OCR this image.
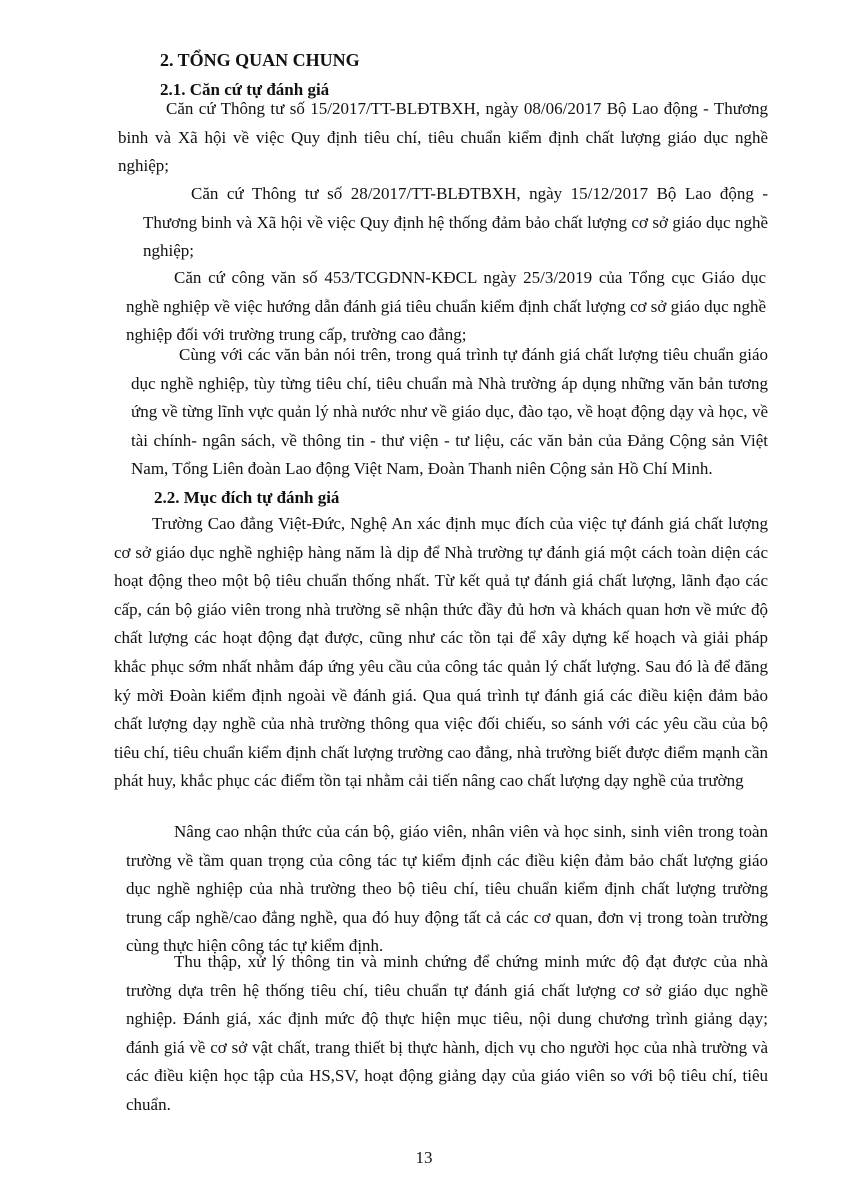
2. TỔNG QUAN CHUNG
2.1. Căn cứ tự đánh giá
Căn cứ Thông tư số 15/2017/TT-BLĐTBXH, ngày 08/06/2017 Bộ Lao động - Thương binh và Xã hội về việc Quy định tiêu chí, tiêu chuẩn kiểm định chất lượng giáo dục nghề nghiệp;
Căn cứ Thông tư số 28/2017/TT-BLĐTBXH, ngày 15/12/2017 Bộ Lao động - Thương binh và Xã hội về việc Quy định hệ thống đảm bảo chất lượng cơ sở giáo dục nghề nghiệp;
Căn cứ công văn số 453/TCGDNN-KĐCL ngày 25/3/2019 của Tổng cục Giáo dục nghề nghiệp về việc hướng dẫn đánh giá tiêu chuẩn kiểm định chất lượng cơ sở giáo dục nghề nghiệp đối với trường trung cấp, trường cao đẳng;
Cùng với các văn bản nói trên, trong quá trình tự đánh giá chất lượng tiêu chuẩn giáo dục nghề nghiệp, tùy từng tiêu chí, tiêu chuẩn mà Nhà trường áp dụng những văn bản tương ứng về từng lĩnh vực quản lý nhà nước như về giáo dục, đào tạo, về hoạt động dạy và học, về tài chính- ngân sách, về thông tin - thư viện - tư liệu, các văn bản của Đảng Cộng sản Việt Nam, Tổng Liên đoàn Lao động Việt Nam, Đoàn Thanh niên Cộng sản Hồ Chí Minh.
2.2. Mục đích tự đánh giá
Trường Cao đẳng Việt-Đức, Nghệ An xác định mục đích của việc tự đánh giá chất lượng cơ sở giáo dục nghề nghiệp hàng năm là dịp để Nhà trường tự đánh giá một cách toàn diện các hoạt động theo một bộ tiêu chuẩn thống nhất. Từ kết quả tự đánh giá chất lượng, lãnh đạo các cấp, cán bộ giáo viên trong nhà trường sẽ nhận thức đầy đủ hơn và khách quan hơn về mức độ chất lượng các hoạt động đạt được, cũng như các tồn tại để xây dựng kế hoạch và giải pháp khắc phục sớm nhất nhằm đáp ứng yêu cầu của công tác quản lý chất lượng. Sau đó là để đăng ký mời Đoàn kiểm định ngoài về đánh giá. Qua quá trình tự đánh giá các điều kiện đảm bảo chất lượng dạy nghề của nhà trường thông qua việc đối chiếu, so sánh với các yêu cầu của bộ tiêu chí, tiêu chuẩn kiểm định chất lượng trường cao đẳng, nhà trường biết được điểm mạnh cần phát huy, khắc phục các điểm tồn tại nhằm cải tiến nâng cao chất lượng dạy nghề của trường
Nâng cao nhận thức của cán bộ, giáo viên, nhân viên và học sinh, sinh viên trong toàn trường về tầm quan trọng của công tác tự kiểm định các điều kiện đảm bảo chất lượng giáo dục nghề nghiệp của nhà trường theo bộ tiêu chí, tiêu chuẩn kiểm định chất lượng trường trung cấp nghề/cao đẳng nghề, qua đó huy động tất cả các cơ quan, đơn vị trong toàn trường cùng thực hiện công tác tự kiểm định.
Thu thập, xử lý thông tin và minh chứng để chứng minh mức độ đạt được của nhà trường dựa trên hệ thống tiêu chí, tiêu chuẩn tự đánh giá chất lượng cơ sở giáo dục nghề nghiệp. Đánh giá, xác định mức độ thực hiện mục tiêu, nội dung chương trình giảng dạy; đánh giá về cơ sở vật chất, trang thiết bị thực hành, dịch vụ cho người học của nhà trường và các điều kiện học tập của HS,SV, hoạt động giảng dạy của giáo viên so với bộ tiêu chí, tiêu chuẩn.
13
